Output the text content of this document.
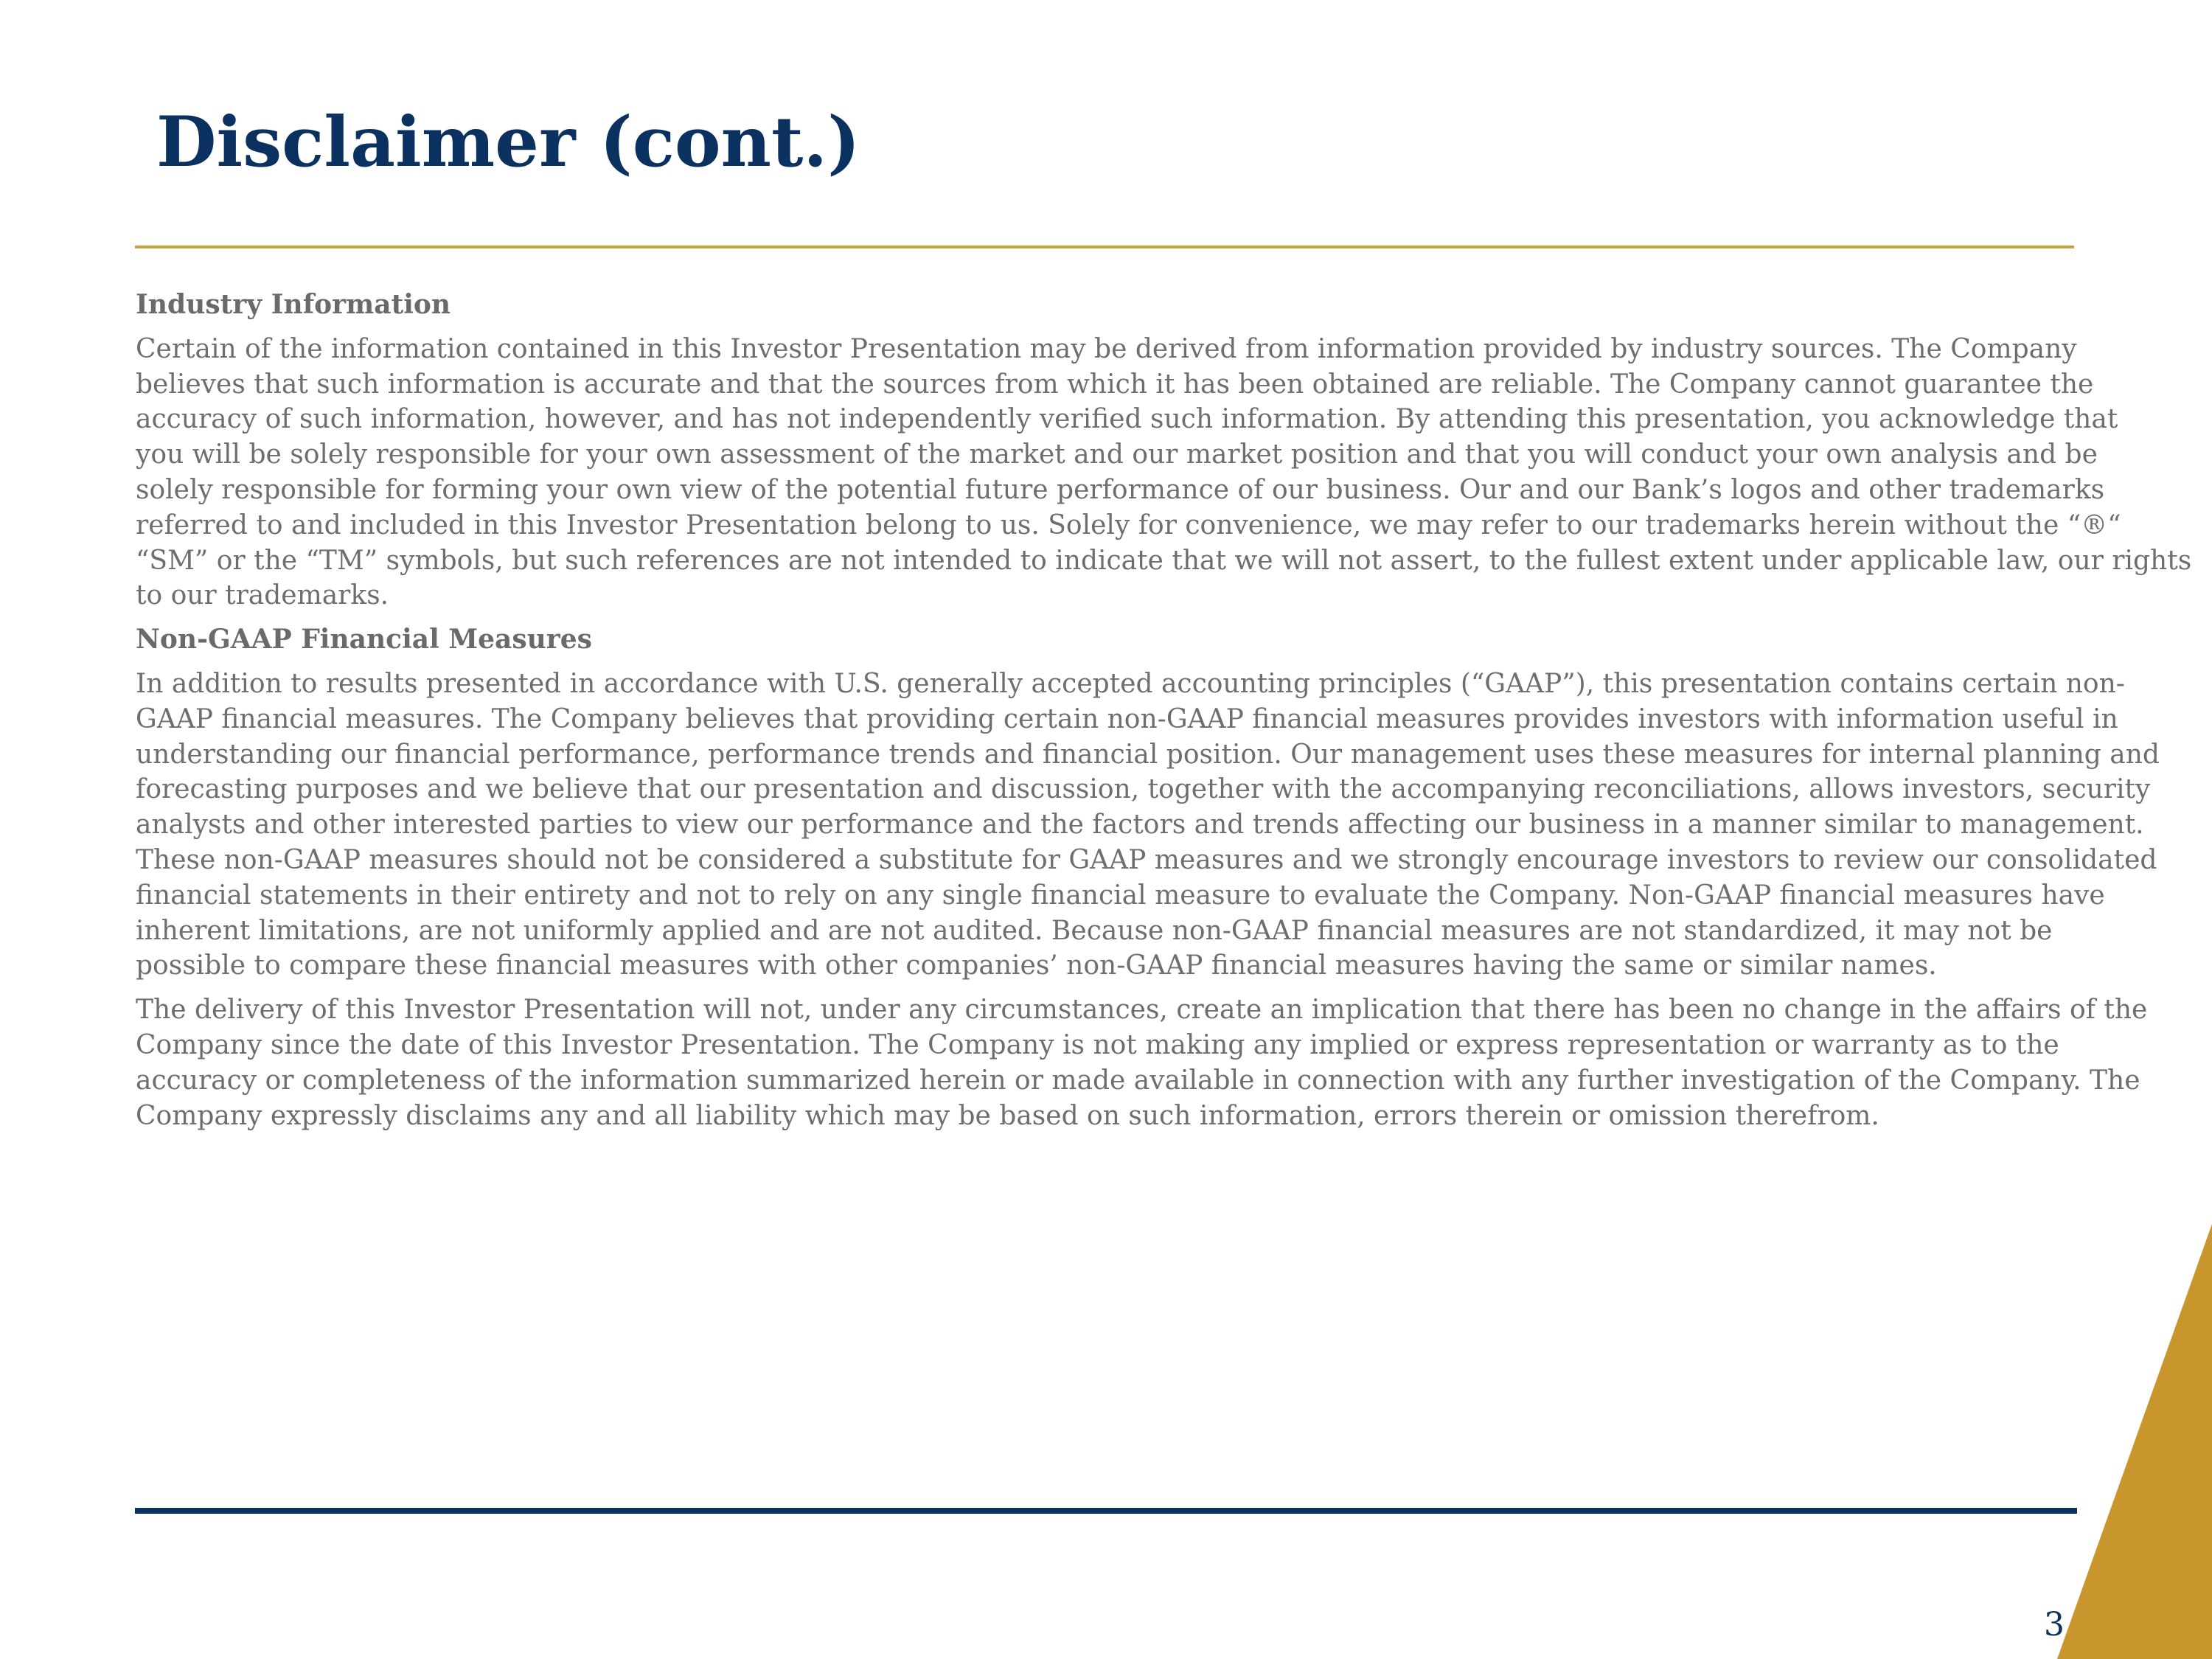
Disclaimer (cont.)
Industry Information
Certain of the information contained in this Investor Presentation may be derived from information provided by industry sources. The Company
believes that such information is accurate and that the sources from which it has been obtained are reliable. The Company cannot guarantee the
accuracy of such information, however, and has not independently verified such information. By attending this presentation, you acknowledge that
you will be solely responsible for your own assessment of the market and our market position and that you will conduct your own analysis and be
solely responsible for forming your own view of the potential future performance of our business. Our and our Bank’s logos and other trademarks
referred to and included in this Investor Presentation belong to us. Solely for convenience, we may refer to our trademarks herein without the “®“
“SM” or the “TM” symbols, but such references are not intended to indicate that we will not assert, to the fullest extent under applicable law, our rights
to our trademarks.
Non-GAAP Financial Measures
In addition to results presented in accordance with U.S. generally accepted accounting principles (“GAAP”), this presentation contains certain non-
GAAP financial measures. The Company believes that providing certain non-GAAP financial measures provides investors with information useful in
understanding our financial performance, performance trends and financial position. Our management uses these measures for internal planning and
forecasting purposes and we believe that our presentation and discussion, together with the accompanying reconciliations, allows investors, security
analysts and other interested parties to view our performance and the factors and trends affecting our business in a manner similar to management.
These non-GAAP measures should not be considered a substitute for GAAP measures and we strongly encourage investors to review our consolidated
financial statements in their entirety and not to rely on any single financial measure to evaluate the Company. Non-GAAP financial measures have
inherent limitations, are not uniformly applied and are not audited. Because non-GAAP financial measures are not standardized, it may not be
possible to compare these financial measures with other companies’ non-GAAP financial measures having the same or similar names.
The delivery of this Investor Presentation will not, under any circumstances, create an implication that there has been no change in the affairs of the
Company since the date of this Investor Presentation. The Company is not making any implied or express representation or warranty as to the
accuracy or completeness of the information summarized herein or made available in connection with any further investigation of the Company. The
Company expressly disclaims any and all liability which may be based on such information, errors therein or omission therefrom.
3
